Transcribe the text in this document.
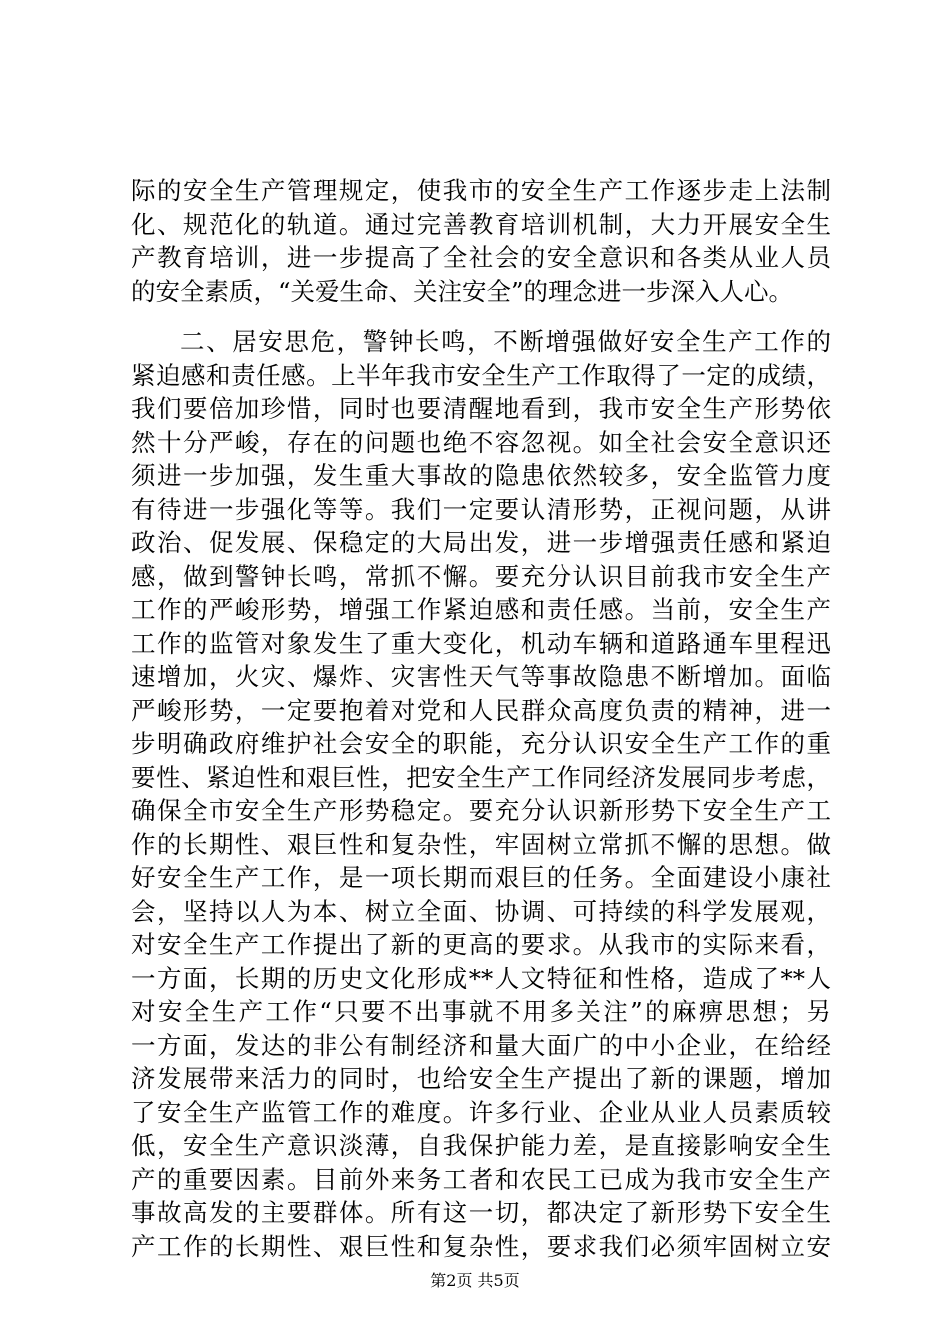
际的安全生产管理规定，使我市的安全生产工作逐步走上法制
化、规范化的轨道。通过完善教育培训机制，大力开展安全生
产教育培训，进一步提高了全社会的安全意识和各类从业人员
的安全素质，“关爱生命、关注安全”的理念进一步深入人心。
二、居安思危，警钟长鸣，不断增强做好安全生产工作的
紧迫感和责任感。上半年我市安全生产工作取得了一定的成绩，
我们要倍加珍惜，同时也要清醒地看到，我市安全生产形势依
然十分严峻，存在的问题也绝不容忽视。如全社会安全意识还
须进一步加强，发生重大事故的隐患依然较多，安全监管力度
有待进一步强化等等。我们一定要认清形势，正视问题，从讲
政治、促发展、保稳定的大局出发，进一步增强责任感和紧迫
感，做到警钟长鸣，常抓不懈。要充分认识目前我市安全生产
工作的严峻形势，增强工作紧迫感和责任感。当前，安全生产
工作的监管对象发生了重大变化，机动车辆和道路通车里程迅
速增加，火灾、爆炸、灾害性天气等事故隐患不断增加。面临
严峻形势，一定要抱着对党和人民群众高度负责的精神，进一
步明确政府维护社会安全的职能，充分认识安全生产工作的重
要性、紧迫性和艰巨性，把安全生产工作同经济发展同步考虑，
确保全市安全生产形势稳定。要充分认识新形势下安全生产工
作的长期性、艰巨性和复杂性，牢固树立常抓不懈的思想。做
好安全生产工作，是一项长期而艰巨的任务。全面建设小康社
会，坚持以人为本、树立全面、协调、可持续的科学发展观，
对安全生产工作提出了新的更高的要求。从我市的实际来看，
一方面，长期的历史文化形成**人文特征和性格，造成了**人
对安全生产工作“只要不出事就不用多关注”的麻痹思想；另
一方面，发达的非公有制经济和量大面广的中小企业，在给经
济发展带来活力的同时，也给安全生产提出了新的课题，增加
了安全生产监管工作的难度。许多行业、企业从业人员素质较
低，安全生产意识淡薄，自我保护能力差，是直接影响安全生
产的重要因素。目前外来务工者和农民工已成为我市安全生产
事故高发的主要群体。所有这一切，都决定了新形势下安全生
产工作的长期性、艰巨性和复杂性，要求我们必须牢固树立安
第2页 共5页
